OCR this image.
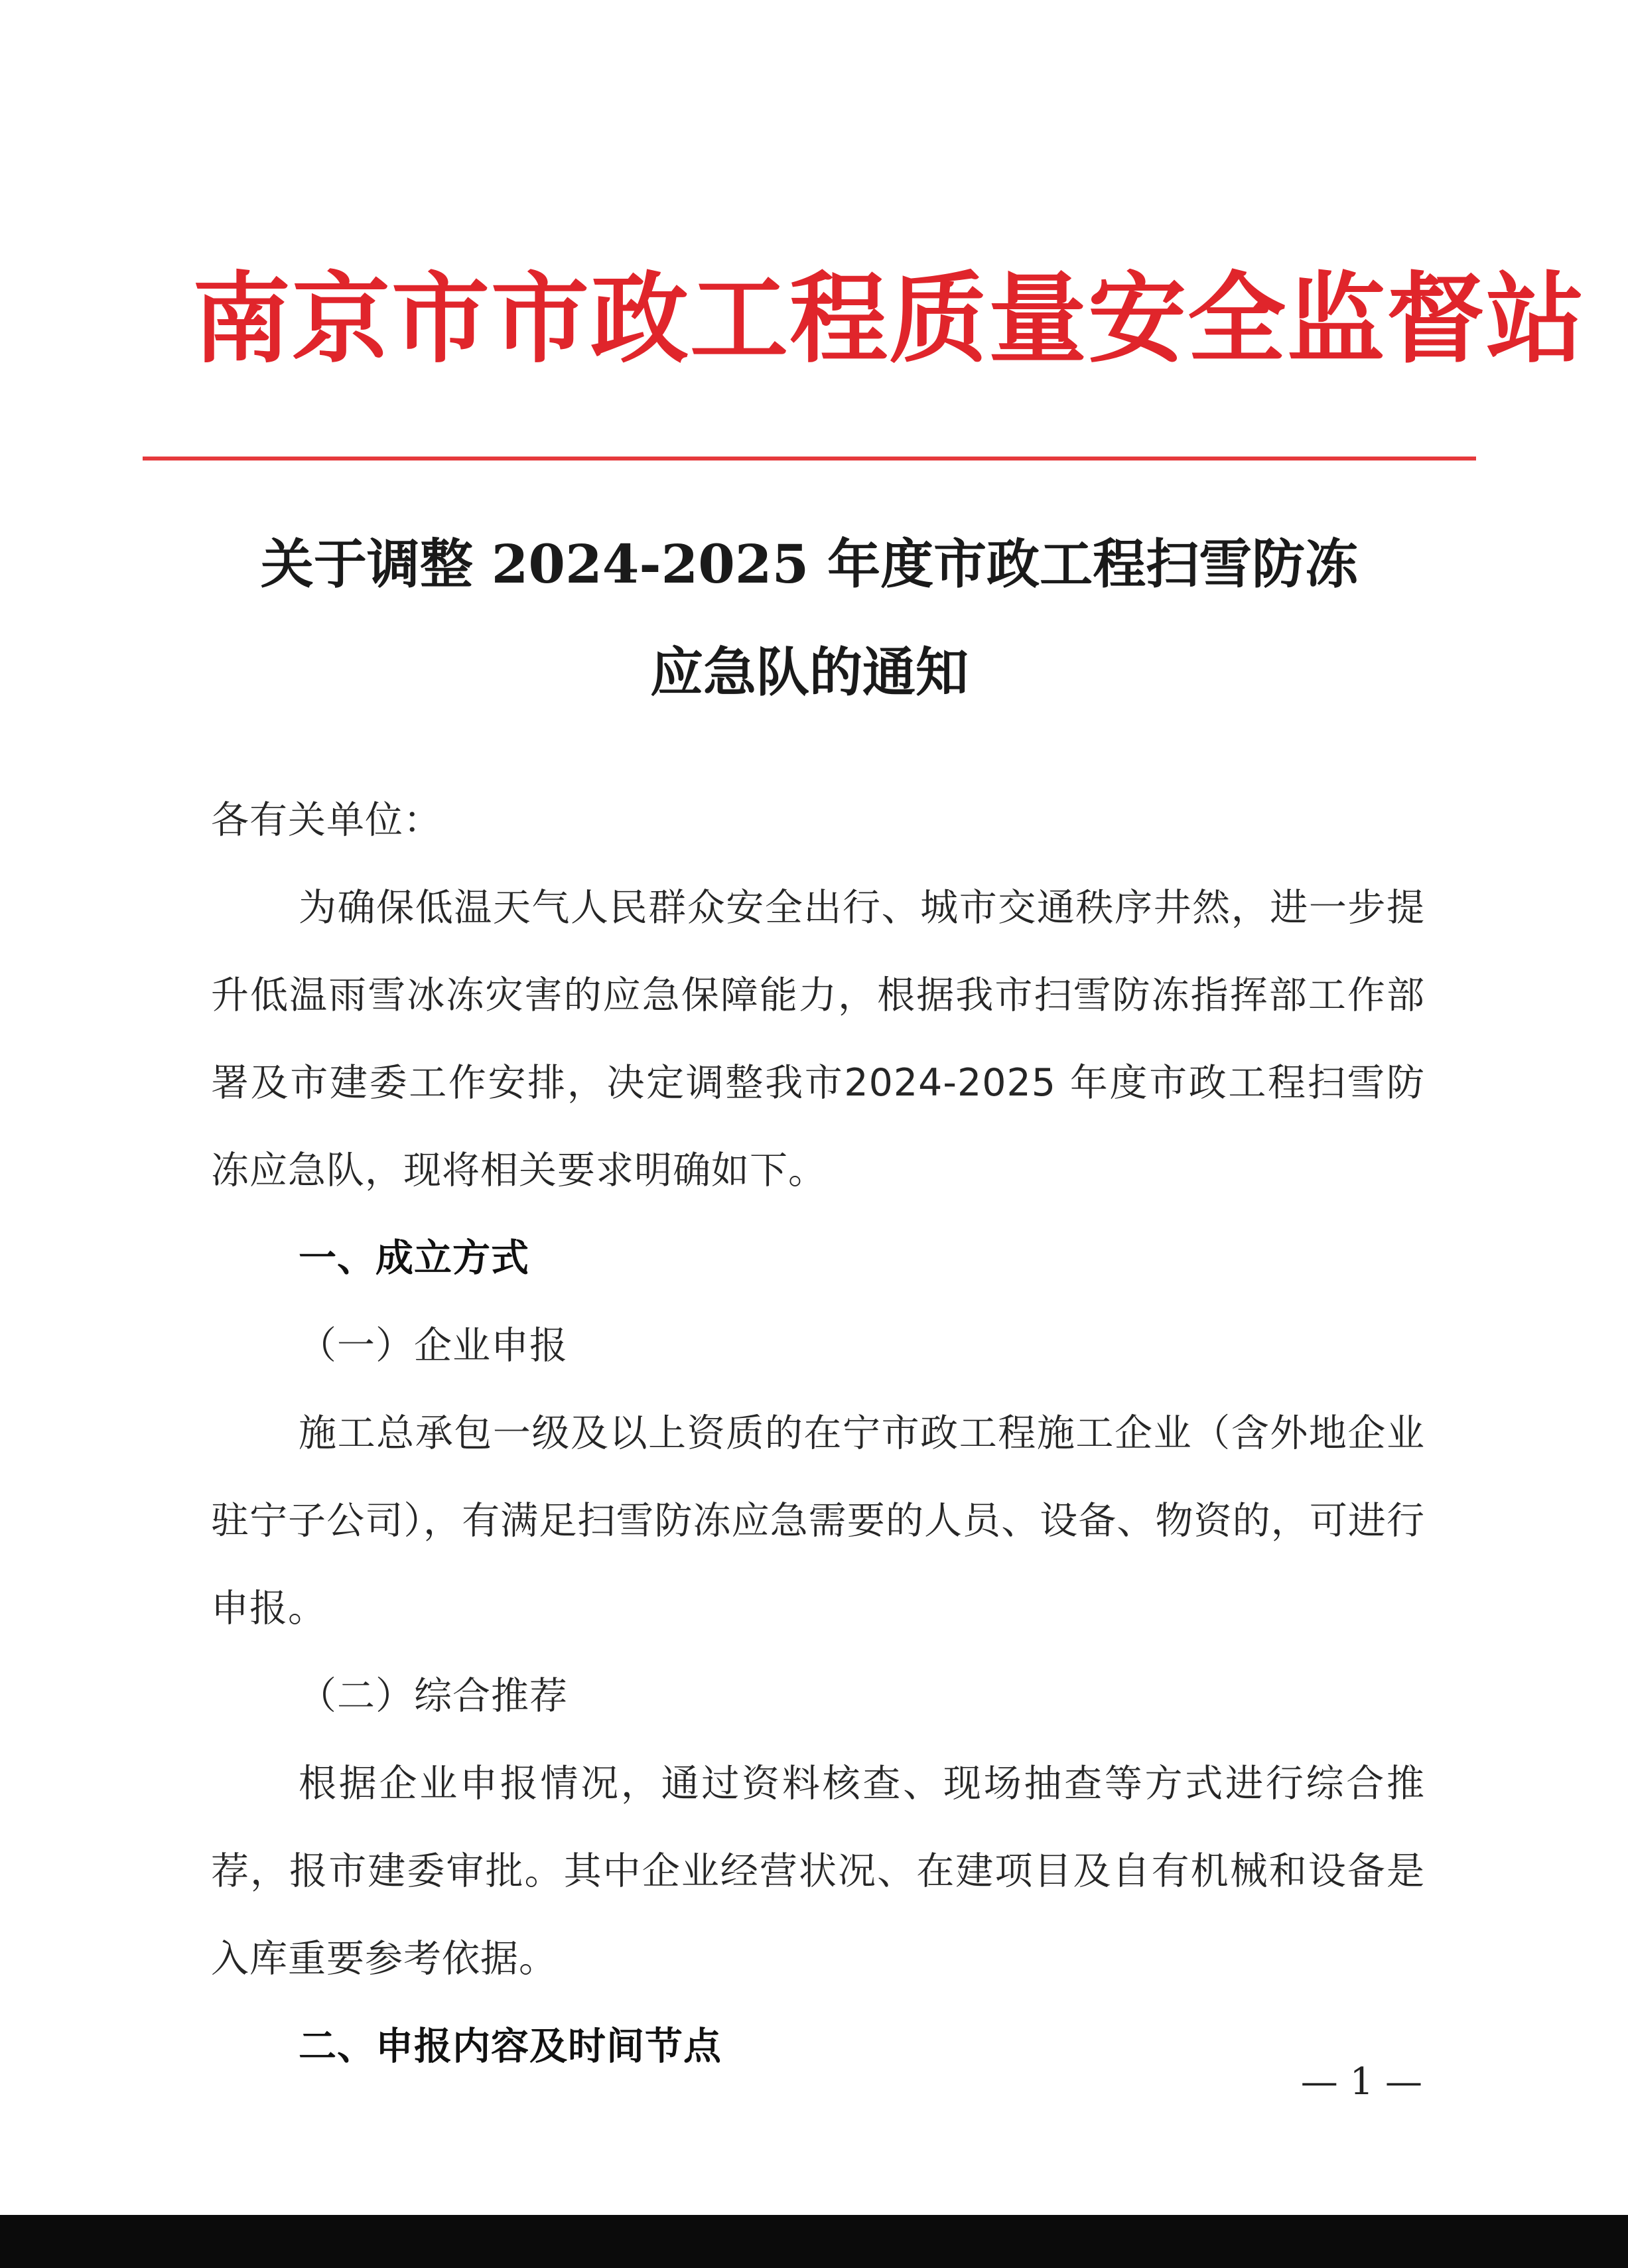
南京市市政工程质量安全监督站
关于调整 2024-2025 年度市政工程扫雪防冻
应急队的通知

各有关单位：

为确保低温天气人民群众安全出行、城市交通秩序井然，进一步提升低温雨雪冰冻灾害的应急保障能力，根据我市扫雪防冻指挥部工作部署及市建委工作安排，决定调整我市2024-2025 年度市政工程扫雪防冻应急队，现将相关要求明确如下。

一、成立方式

（一）企业申报

施工总承包一级及以上资质的在宁市政工程施工企业（含外地企业驻宁子公司），有满足扫雪防冻应急需要的人员、设备、物资的，可进行申报。

（二）综合推荐

根据企业申报情况，通过资料核查、现场抽查等方式进行综合推荐，报市建委审批。其中企业经营状况、在建项目及自有机械和设备是入库重要参考依据。

二、申报内容及时间节点

— 1 —
